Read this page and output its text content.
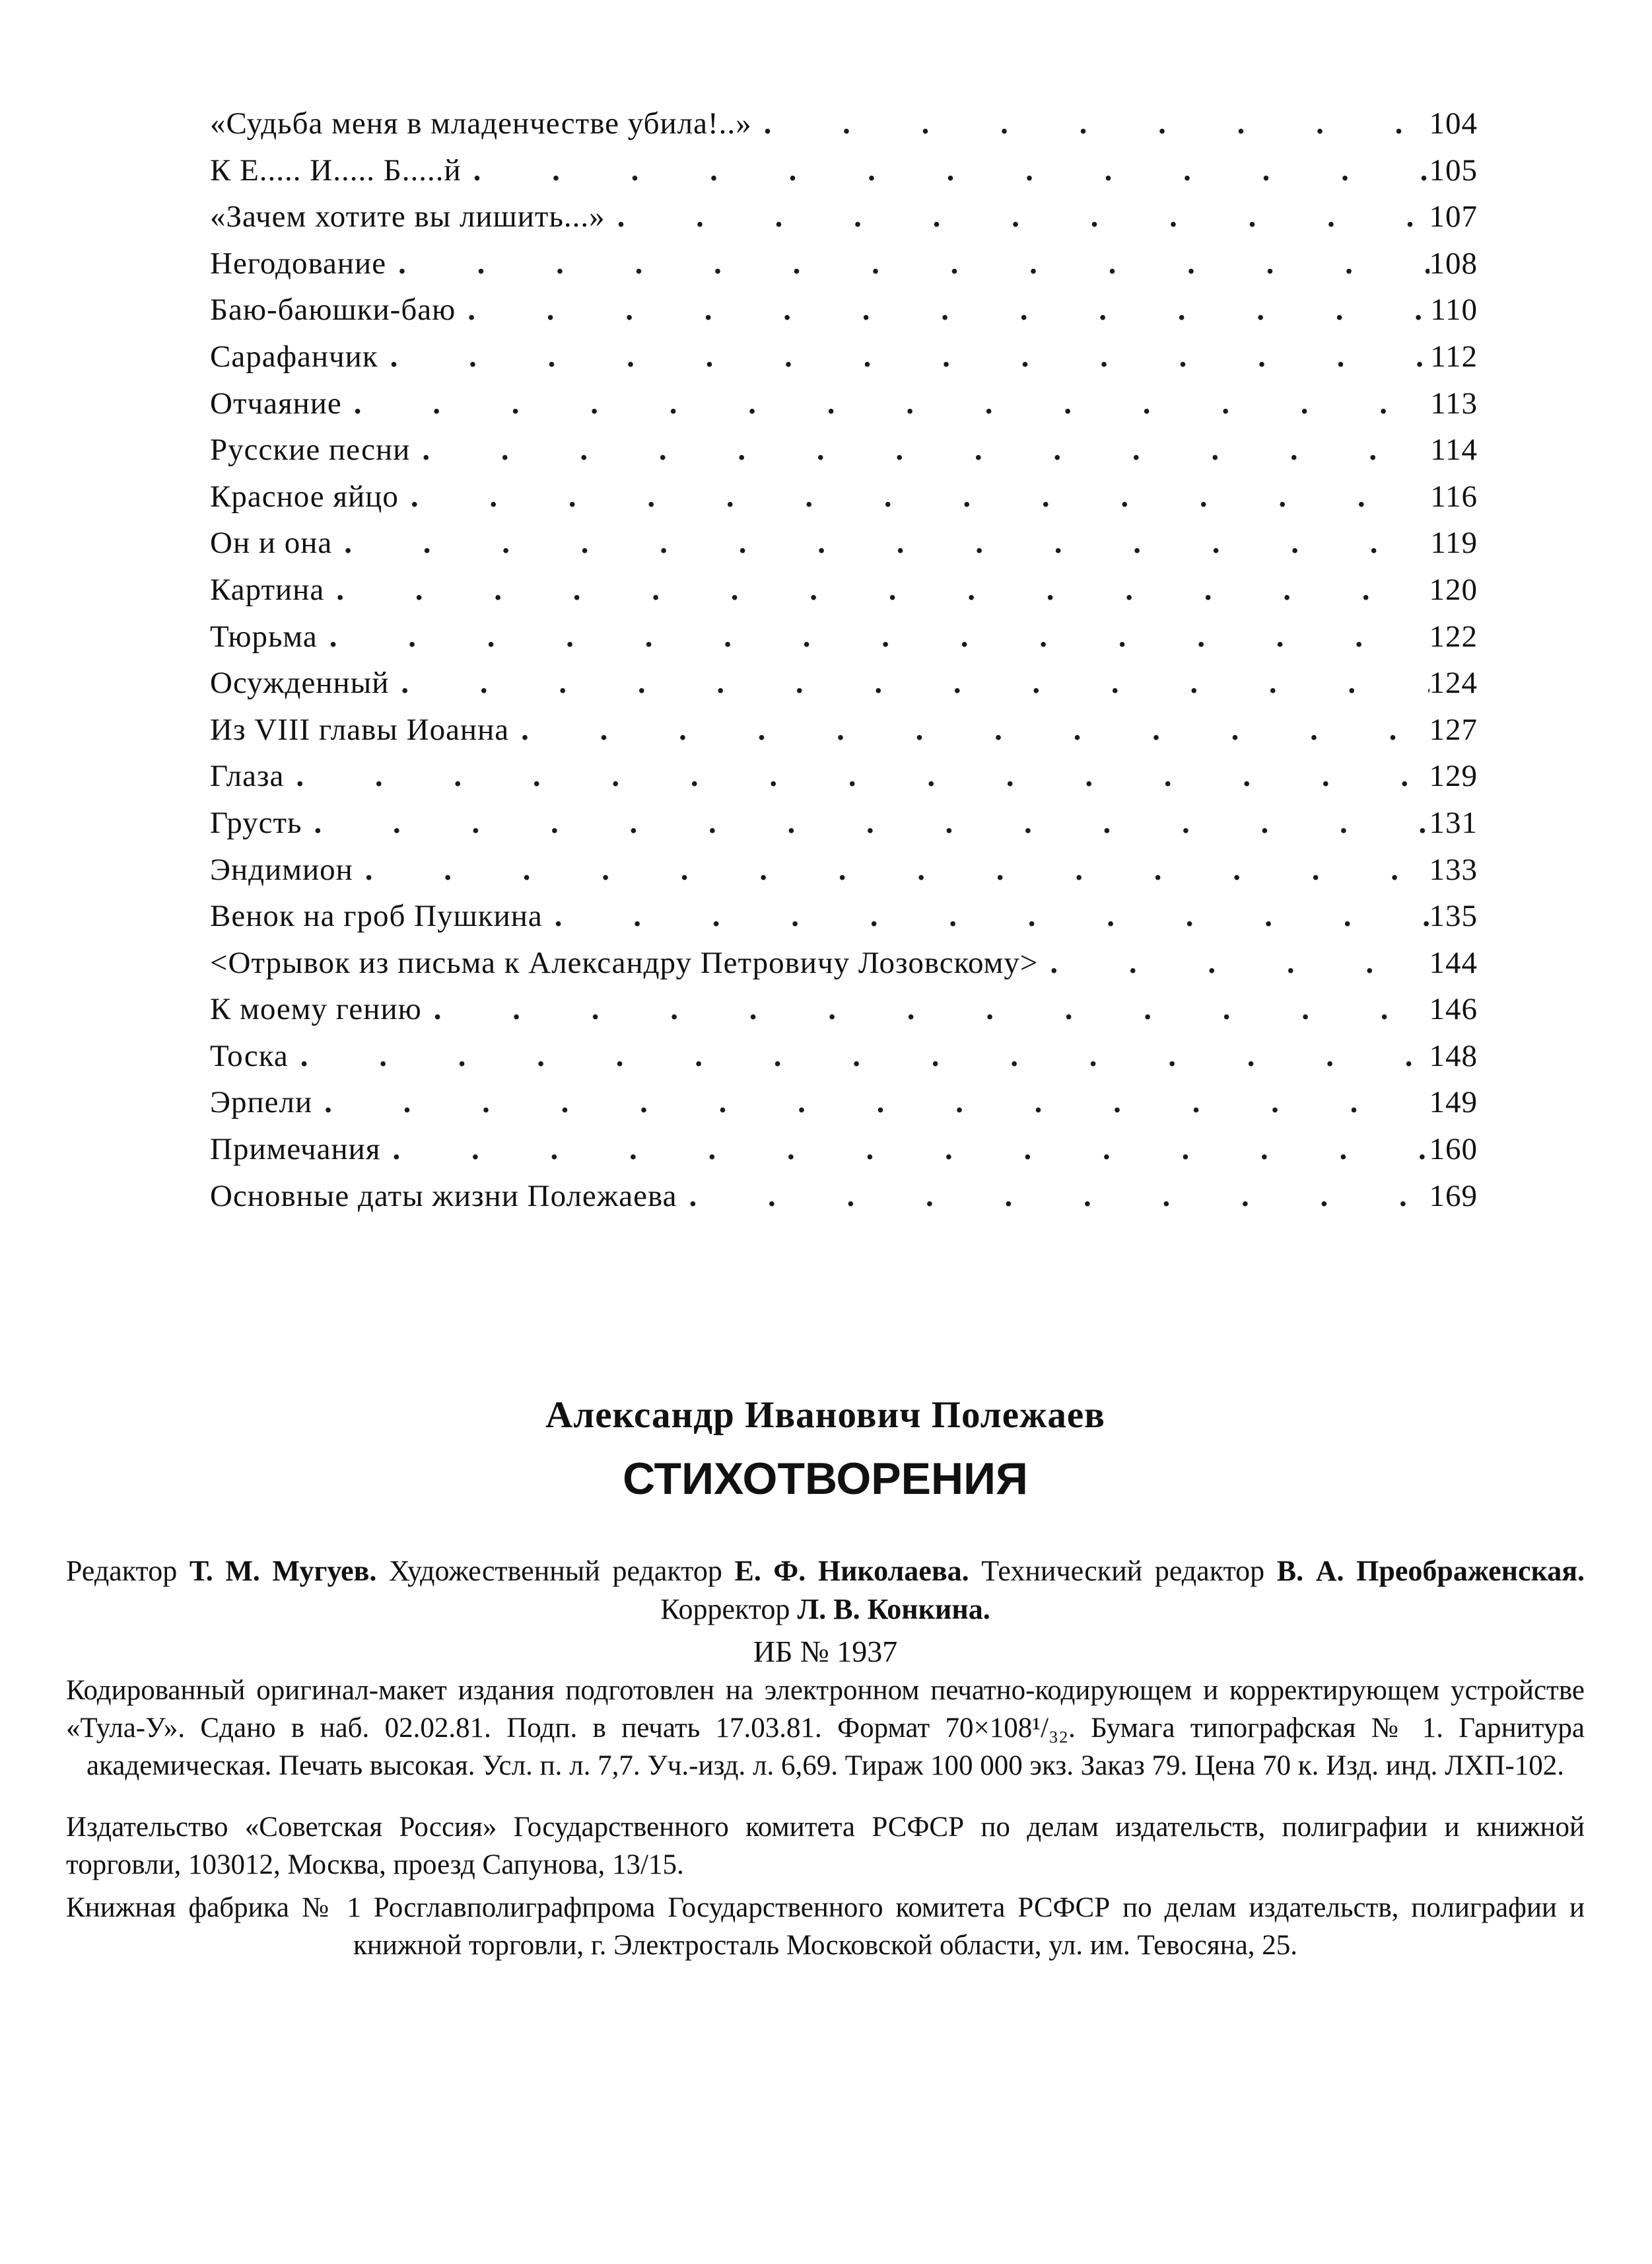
«Судьба меня в младенчестве убила!..» . . .	104
К Е..... И..... Б.....й . . .	105
«Зачем хотите вы лишить...» . . .	107
Негодование . . .	108
Баю-баюшки-баю . . .	110
Сарафанчик . . .	112
Отчаяние . . .	113
Русские песни . . .	114
Красное яйцо . . .	116
Он и она . . .	119
Картина . . .	120
Тюрьма . . .	122
Осужденный . . .	124
Из VIII главы Иоанна . . .	127
Глаза . . .	129
Грусть . . .	131
Эндимион . . .	133
Венок на гроб Пушкина . . .	135
<Отрывок из письма к Александру Петровичу Лозовскому> . . .	144
К моему гению . . .	146
Тоска . . .	148
Эрпели . . .	149
Примечания . . .	160
Основные даты жизни Полежаева . . .	169

Александр Иванович Полежаев

СТИХОТВОРЕНИЯ

Редактор Т. М. Мугуев. Художественный редактор Е. Ф. Николаева. Технический редактор В. А. Преображенская. Корректор Л. В. Конкина.

ИБ № 1937

Кодированный оригинал-макет издания подготовлен на электронном печатно-кодирующем и корректирующем устройстве «Тула-У». Сдано в наб. 02.02.81. Подп. в печать 17.03.81. Формат 70×108¹/₃₂. Бумага типографская № 1. Гарнитура академическая. Печать высокая. Усл. п. л. 7,7. Уч.-изд. л. 6,69. Тираж 100 000 экз. Заказ 79. Цена 70 к. Изд. инд. ЛХП-102.

Издательство «Советская Россия» Государственного комитета РСФСР по делам издательств, полиграфии и книжной торговли, 103012, Москва, проезд Сапунова, 13/15.

Книжная фабрика № 1 Росглавполиграфпрома Государственного комитета РСФСР по делам издательств, полиграфии и книжной торговли, г. Электросталь Московской области, ул. им. Тевосяна, 25.
